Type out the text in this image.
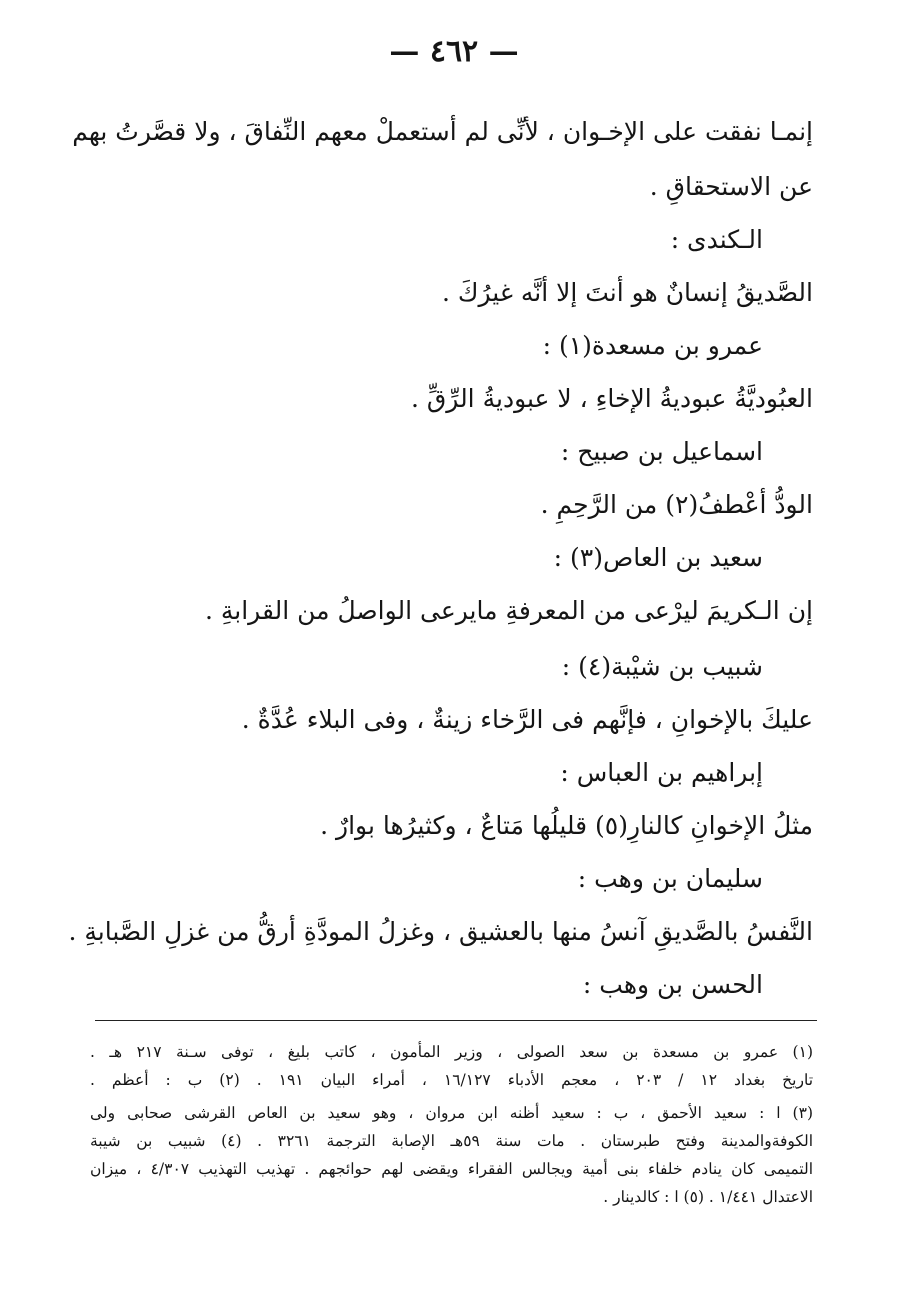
— ٤٦٢ —
إنمـا نفقت على الإخـوان ، لأنِّى لم أستعملْ معهم النِّفاقَ ، ولا قصَّرتُ بهم
عن الاستحقاقِ .
الـكندى :
الصَّديقُ إنسانٌ هو أنتَ إلا أنَّه غيرُكَ .
عمرو بن مسعدة(١) :
العبُوديَّةُ عبوديةُ الإخاءِ ، لا عبوديةُ الرِّقِّ .
اسماعيل بن صبيح :
الودُّ أعْطفُ(٢) من الرَّحِمِ .
سعيد بن العاص(٣) :
إن الـكريمَ ليرْعى من المعرفةِ مايرعى الواصلُ من القرابةِ .
شبيب بن شيْبة(٤) :
عليكَ بالإخوانِ ، فإنَّهم فى الرَّخاء زينةٌ ، وفى البلاء عُدَّةٌ .
إبراهيم بن العباس :
مثلُ الإخوانِ كالنارِ(٥) قليلُها مَتاعٌ ، وكثيرُها بوارٌ .
سليمان بن وهب :
النَّفسُ بالصَّديقِ آنسُ منها بالعشيق ، وغزلُ المودَّةِ أرقُّ من غزلِ الصَّبابةِ .
الحسن بن وهب :
(١) عمرو بن مسعدة بن سعد الصولى ، وزير المأمون ، كاتب بليغ ، توفى سـنة ٢١٧ هـ .
تاريخ بغداد ١٢ / ٢٠٣ ، معجم الأدباء ١٦/١٢٧ ، أمراء البيان ١٩١ . (٢) ب : أعظم .
(٣) ا : سعيد الأحمق ، ب : سعيد أظنه ابن مروان ، وهو سعيد بن العاص القرشى صحابى ولى
الكوفةوالمدينة وفتح طبرستان . مات سنة ٥٩هـ الإصابة الترجمة ٣٢٦١ . (٤) شبيب بن شيبة
التميمى كان ينادم خلفاء بنى أمية ويجالس الفقراء ويقضى لهم حوائجهم . تهذيب التهذيب ٤/٣٠٧ ، ميزان
الاعتدال ١/٤٤١ . (٥) ا : كالدينار .
